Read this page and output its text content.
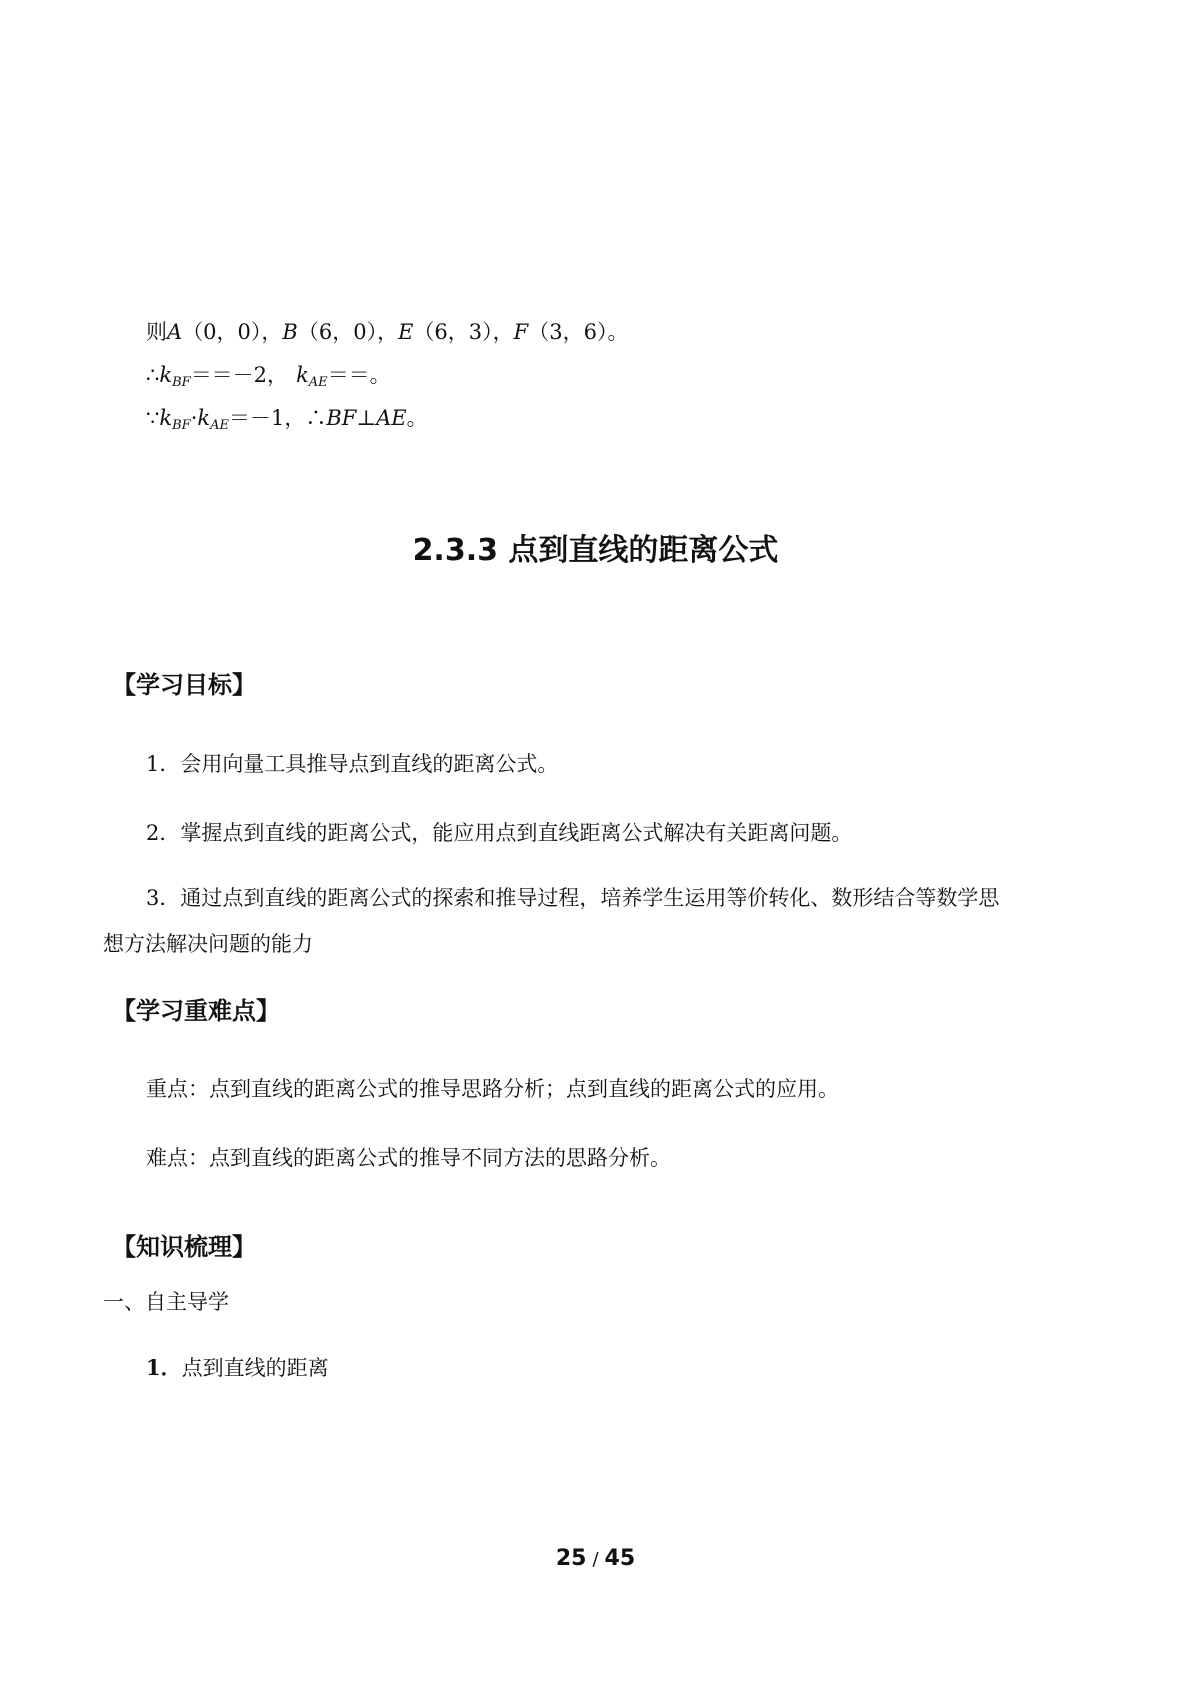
则A（0，0），B（6，0），E（6，3），F（3，6）。
$\therefore k_{BF}==-2$， $k_{AE}==$。
$\because k_{BF}\cdot k_{AE}=-1$，∴BF⊥AE。
2.3.3 点到直线的距离公式
【学习目标】
1．会用向量工具推导点到直线的距离公式。
2．掌握点到直线的距离公式，能应用点到直线距离公式解决有关距离问题。
3．通过点到直线的距离公式的探索和推导过程，培养学生运用等价转化、数形结合等数学思想方法解决问题的能力
【学习重难点】
重点：点到直线的距离公式的推导思路分析；点到直线的距离公式的应用。
难点：点到直线的距离公式的推导不同方法的思路分析。
【知识梳理】
一、自主导学
1．点到直线的距离
25 / 45
